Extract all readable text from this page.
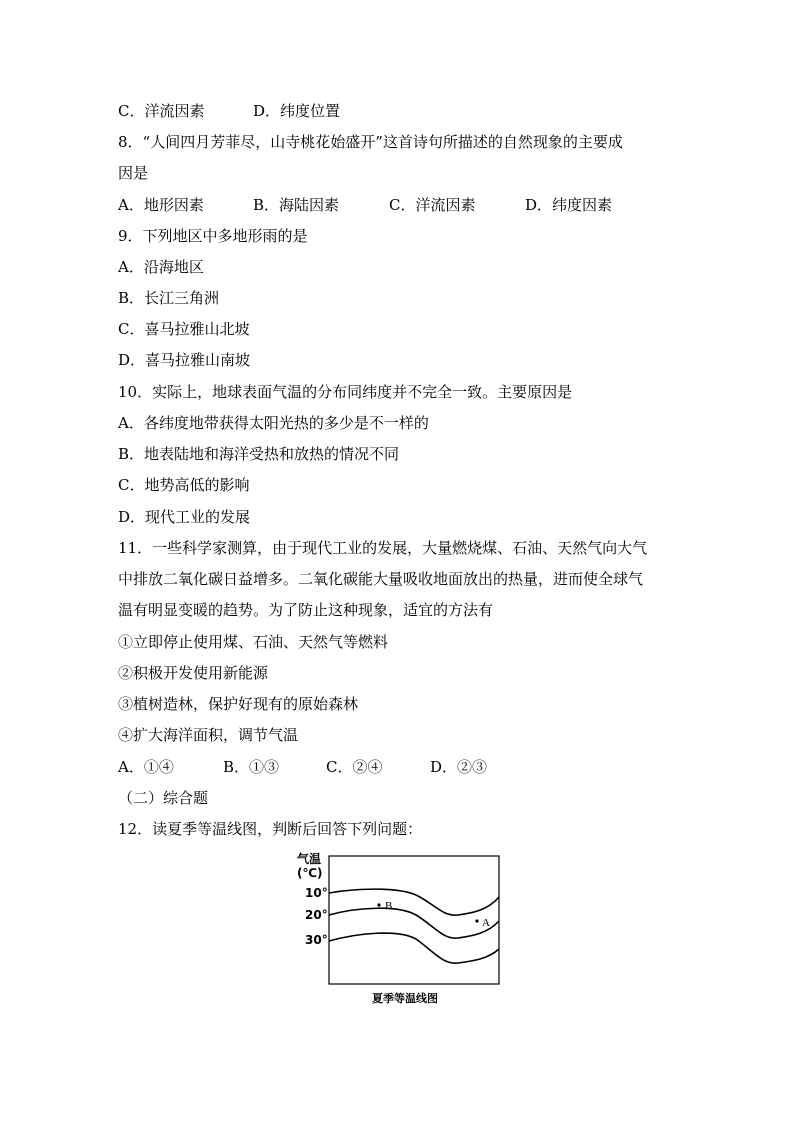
C．洋流因素	D．纬度位置
8．“人间四月芳菲尽，山寺桃花始盛开”这首诗句所描述的自然现象的主要成
因是
A．地形因素	B．海陆因素	C．洋流因素	D．纬度因素
9．下列地区中多地形雨的是
A．沿海地区
B．长江三角洲
C．喜马拉雅山北坡
D．喜马拉雅山南坡
10．实际上，地球表面气温的分布同纬度并不完全一致。主要原因是
A．各纬度地带获得太阳光热的多少是不一样的
B．地表陆地和海洋受热和放热的情况不同
C．地势高低的影响
D．现代工业的发展
11．一些科学家测算，由于现代工业的发展，大量燃烧煤、石油、天然气向大气
中排放二氧化碳日益增多。二氧化碳能大量吸收地面放出的热量，进而使全球气
温有明显变暖的趋势。为了防止这种现象，适宜的方法有
①立即停止使用煤、石油、天然气等燃料
②积极开发使用新能源
③植树造林，保护好现有的原始森林
④扩大海洋面积，调节气温
A．①④	B．①③	C．②④	D．②③
（二）综合题
12．读夏季等温线图，判断后回答下列问题：
气温
(℃)
10°
20°
30°
B
A
夏季等温线图
